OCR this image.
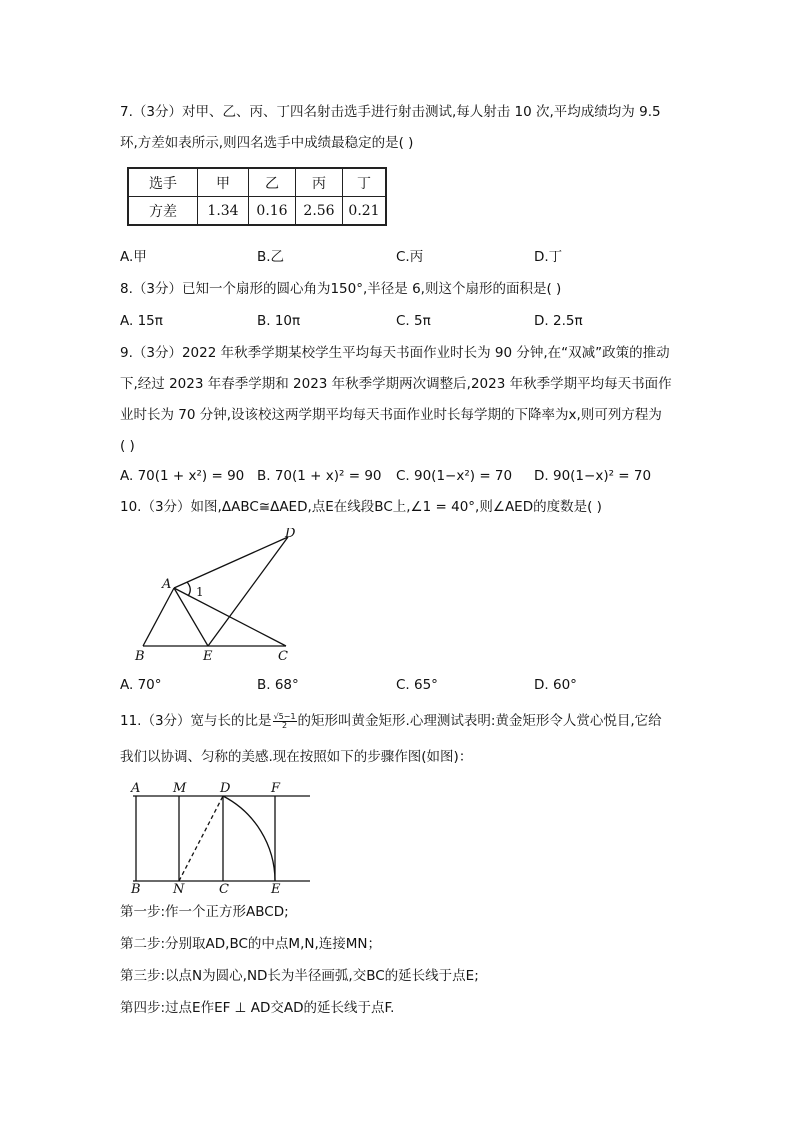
7.（3分）对甲、乙、丙、丁四名射击选手进行射击测试,每人射击 10 次,平均成绩均为 9.5
环,方差如表所示,则四名选手中成绩最稳定的是( )
选手	甲	乙	丙	丁
方差	1.34	0.16	2.56	0.21
A.甲	B.乙	C.丙	D.丁
8.（3分）已知一个扇形的圆心角为150°,半径是 6,则这个扇形的面积是( )
A. 15π	B. 10π	C. 5π	D. 2.5π
9.（3分）2022 年秋季学期某校学生平均每天书面作业时长为 90 分钟,在“双减”政策的推动
下,经过 2023 年春季学期和 2023 年秋季学期两次调整后,2023 年秋季学期平均每天书面作
业时长为 70 分钟,设该校这两学期平均每天书面作业时长每学期的下降率为x,则可列方程为
( )
A. 70(1 + x²) = 90 B. 70(1 + x)² = 90 C. 90(1−x²) = 70 D. 90(1−x)² = 70
10.（3分）如图,ΔABC≅ΔAED,点E在线段BC上,∠1 = 40°,则∠AED的度数是( )
D
A 1
B	E	C
A. 70°	B. 68°	C. 65°	D. 60°
11.（3分）宽与长的比是 $\frac{√5-1}{2}$ 的矩形叫黄金矩形.心理测试表明:黄金矩形令人赏心悦目,它给
我们以协调、匀称的美感.现在按照如下的步骤作图(如图)：
A	M	D	F
B N	C	E
第一步:作一个正方形ABCD;
第二步:分别取AD,BC的中点M,N,连接MN；
第三步:以点N为圆心,ND长为半径画弧,交BC的延长线于点E;
第四步:过点E作EF ⊥ AD交AD的延长线于点F.
